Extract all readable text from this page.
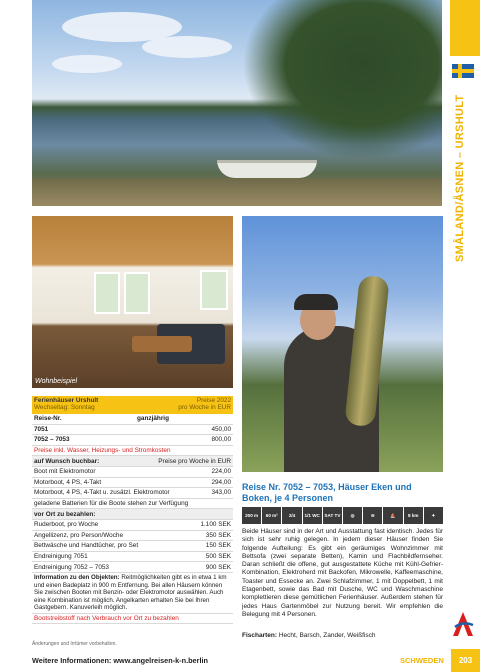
Wohnbeispiel
SMÅLAND/ÅSNEN – URSHULT
Ferienhäuser Urshult
Wechseltag: Sonntag
Preise 2022
pro Woche in EUR
Reise-Nr.	ganzjährig
7051	450,00
7052 – 7053	800,00
Preise inkl. Wasser, Heizungs- und Stromkosten
auf Wunsch buchbar:	Preise pro Woche in EUR
Boot mit Elektromotor	224,00
Motorboot, 4 PS, 4-Takt	294,00
Motorboot, 4 PS, 4-Takt u. zusätzl. Elektromotor	343,00
geladene Batterien für die Boote stehen zur Verfügung
vor Ort zu bezahlen:
Ruderboot, pro Woche	1.100 SEK
Angellizenz, pro Person/Woche	350 SEK
Bettwäsche und Handtücher, pro Set	150 SEK
Endreinigung 7051	500 SEK
Endreinigung 7052 – 7053	900 SEK
Information zu den Objekten: Reitmöglichkeiten gibt es in etwa 1 km und einen Badeplatz in 900 m Entfernung. Bei allen Häusern können Sie zwischen Booten mit Benzin- oder Elektromotor auswählen. Auch eine Kombination ist möglich. Angelkarten erhalten Sie bei Ihren Gastgebern. Kanuverleih möglich.
Bootstreibstoff nach Verbrauch vor Ort zu bezahlen
Änderungen und Irrtümer vorbehalten.
Reise Nr. 7052 – 7053, Häuser Eken und Boken, je 4 Personen
200 m	60 m²	2/4	1/1 WC SAT TV	◎	≋	⛵	8 km	✦
Beide Häuser sind in der Art und Ausstattung fast identisch. Jedes für sich ist sehr ruhig gelegen. In jedem dieser Häuser finden Sie folgende Aufteilung: Es gibt ein geräumiges Wohnzimmer mit Bettsofa (zwei separate Betten), Kamin und Flachbildfernseher. Daran schließt die offene, gut ausgestattete Küche mit Kühl-Gefrier-Kombination, Elektroherd mit Backofen, Mikrowelle, Kaffeemaschine, Toaster und Essecke an. Zwei Schlafzimmer, 1 mit Doppelbett, 1 mit Etagenbett, sowie das Bad mit Dusche, WC und Waschmaschine komplettieren diese gemütlichen Ferienhäuser. Außerdem stehen für jedes Haus Gartenmöbel zur Nutzung bereit. Wir empfehlen die Belegung mit 4 Personen.
Fischarten: Hecht, Barsch, Zander, Weißfisch
Weitere Informationen: www.angelreisen-k-n.berlin	SCHWEDEN	203
